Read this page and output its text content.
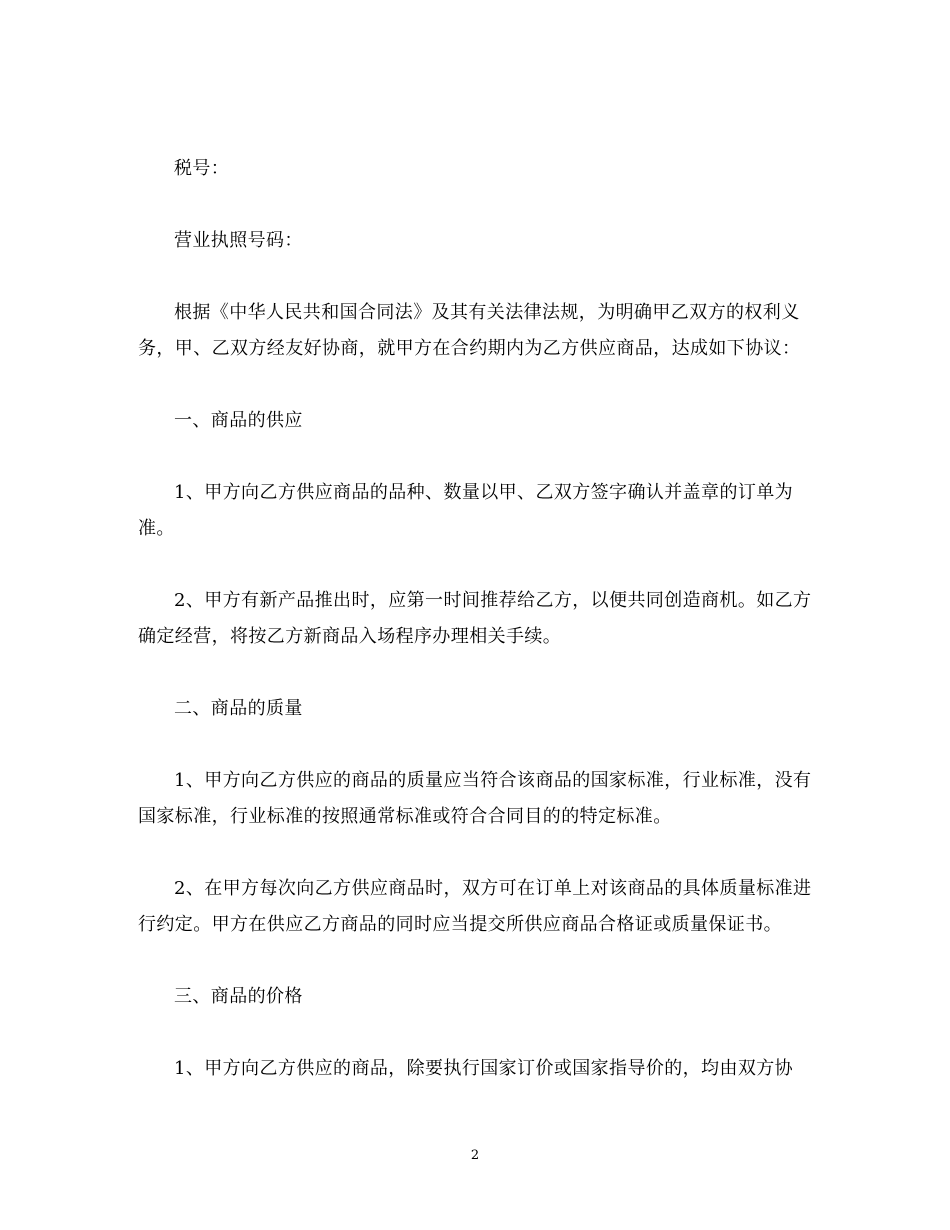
税号：

营业执照号码：

根据《中华人民共和国合同法》及其有关法律法规，为明确甲乙双方的权利义务，甲、乙双方经友好协商，就甲方在合约期内为乙方供应商品，达成如下协议：

一、商品的供应

1、甲方向乙方供应商品的品种、数量以甲、乙双方签字确认并盖章的订单为准。

2、甲方有新产品推出时，应第一时间推荐给乙方，以便共同创造商机。如乙方确定经营，将按乙方新商品入场程序办理相关手续。

二、商品的质量

1、甲方向乙方供应的商品的质量应当符合该商品的国家标准，行业标准，没有国家标准，行业标准的按照通常标准或符合合同目的的特定标准。

2、在甲方每次向乙方供应商品时，双方可在订单上对该商品的具体质量标准进行约定。甲方在供应乙方商品的同时应当提交所供应商品合格证或质量保证书。

三、商品的价格

1、甲方向乙方供应的商品，除要执行国家订价或国家指导价的，均由双方协

2
